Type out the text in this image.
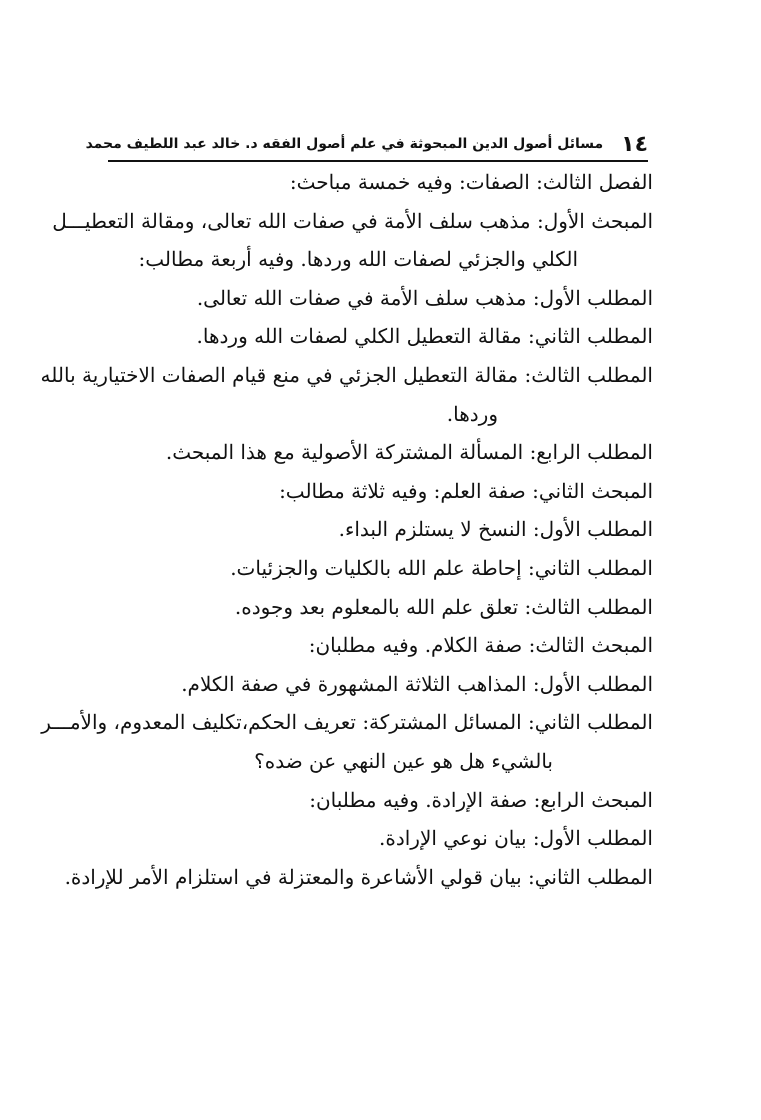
١٤
مسائل أصول الدين المبحوثة في علم أصول الفقه د. خالد عبد اللطيف محمد
الفصل الثالث: الصفات: وفيه خمسة مباحث:
المبحث الأول: مذهب سلف الأمة في صفات الله تعالى، ومقالة التعطيـــل
الكلي والجزئي لصفات الله وردها. وفيه أربعة مطالب:
المطلب الأول: مذهب سلف الأمة في صفات الله تعالى.
المطلب الثاني: مقالة التعطيل الكلي لصفات الله وردها.
المطلب الثالث: مقالة التعطيل الجزئي في منع قيام الصفات الاختيارية بالله
وردها.
المطلب الرابع: المسألة المشتركة الأصولية مع هذا المبحث.
المبحث الثاني: صفة العلم: وفيه ثلاثة مطالب:
المطلب الأول: النسخ لا يستلزم البداء.
المطلب الثاني: إحاطة علم الله بالكليات والجزئيات.
المطلب الثالث: تعلق علم الله بالمعلوم بعد وجوده.
المبحث الثالث: صفة الكلام. وفيه مطلبان:
المطلب الأول: المذاهب الثلاثة المشهورة في صفة الكلام.
المطلب الثاني: المسائل المشتركة: تعريف الحكم،تكليف المعدوم، والأمـــر
بالشيء هل هو عين النهي عن ضده؟
المبحث الرابع: صفة الإرادة. وفيه مطلبان:
المطلب الأول: بيان نوعي الإرادة.
المطلب الثاني: بيان قولي الأشاعرة والمعتزلة في استلزام الأمر للإرادة.
